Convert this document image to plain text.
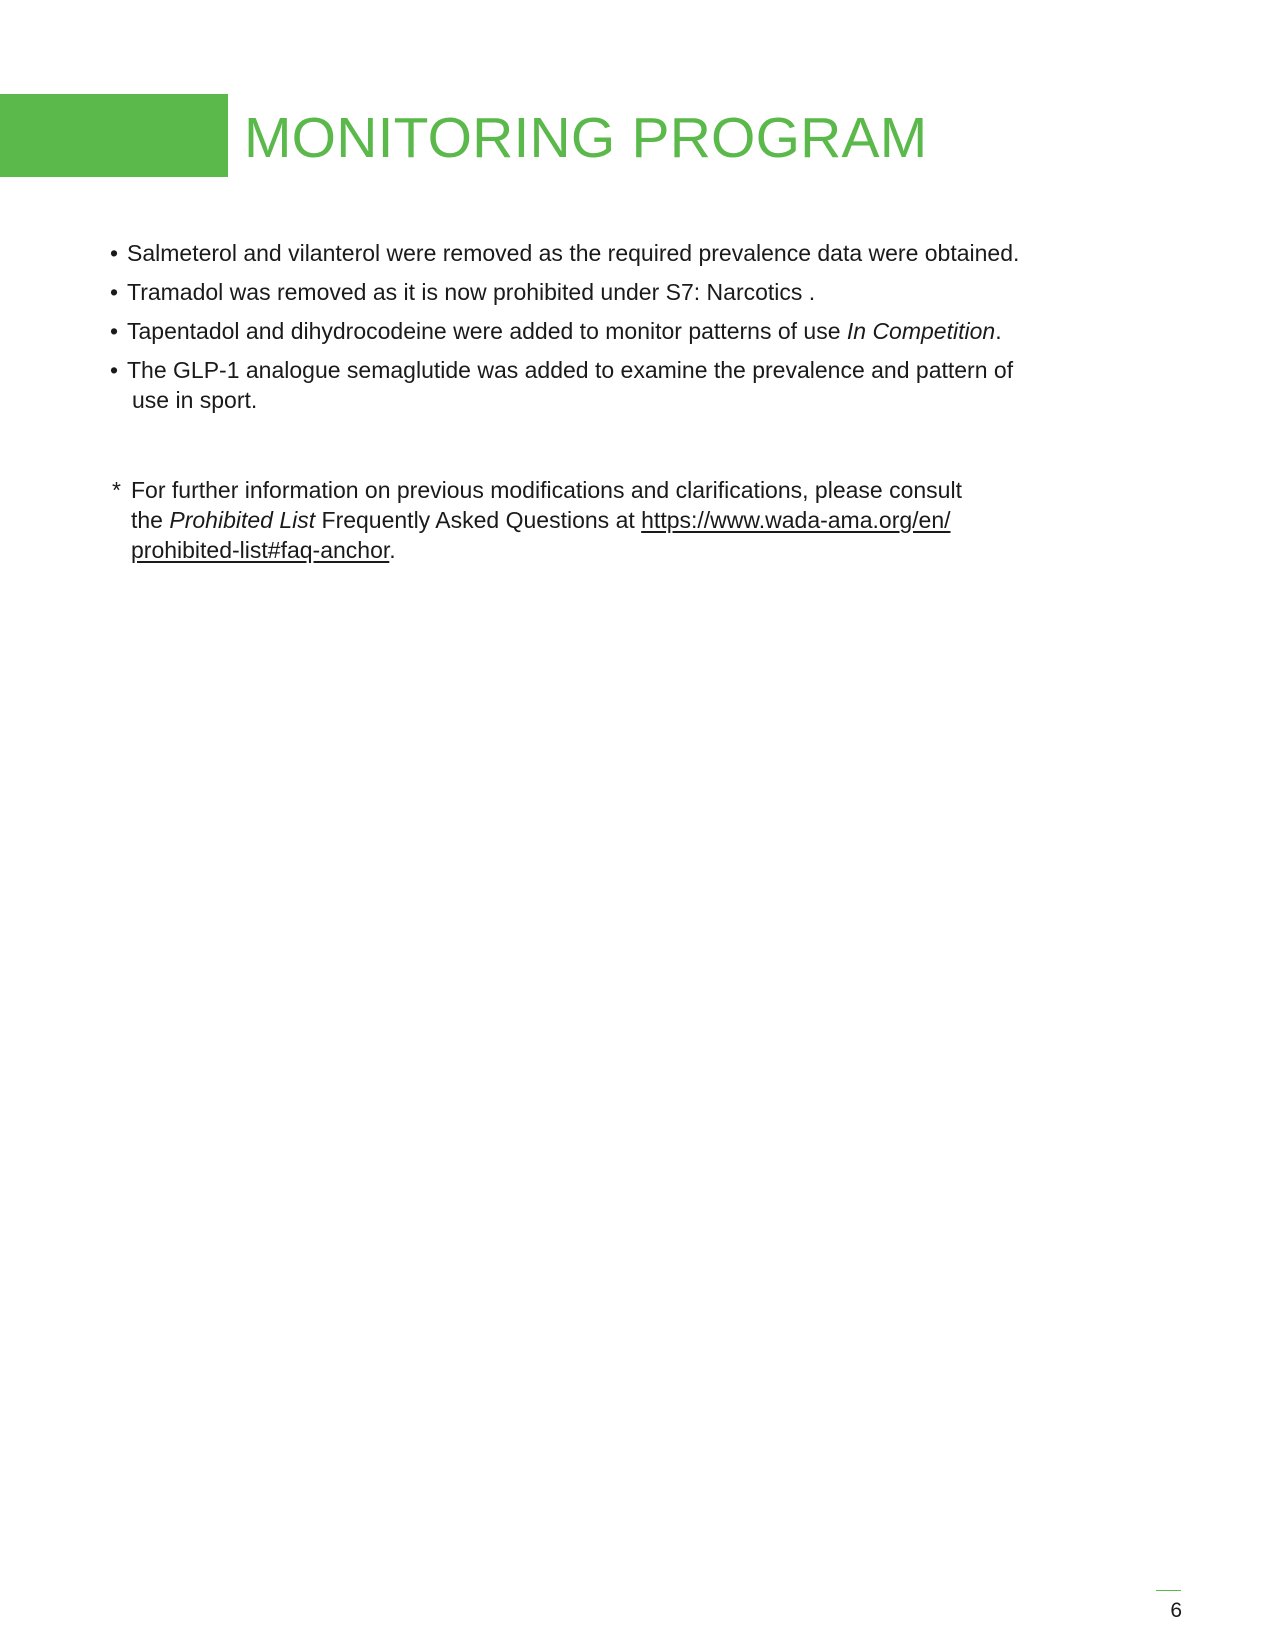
MONITORING PROGRAM
• Salmeterol and vilanterol were removed as the required prevalence data were obtained.
• Tramadol was removed as it is now prohibited under S7: Narcotics .
• Tapentadol and dihydrocodeine were added to monitor patterns of use In Competition.
• The GLP-1 analogue semaglutide was added to examine the prevalence and pattern of
use in sport.
* For further information on previous modifications and clarifications, please consult
the Prohibited List Frequently Asked Questions at https://www.wada-ama.org/en/
prohibited-list#faq-anchor.
6
